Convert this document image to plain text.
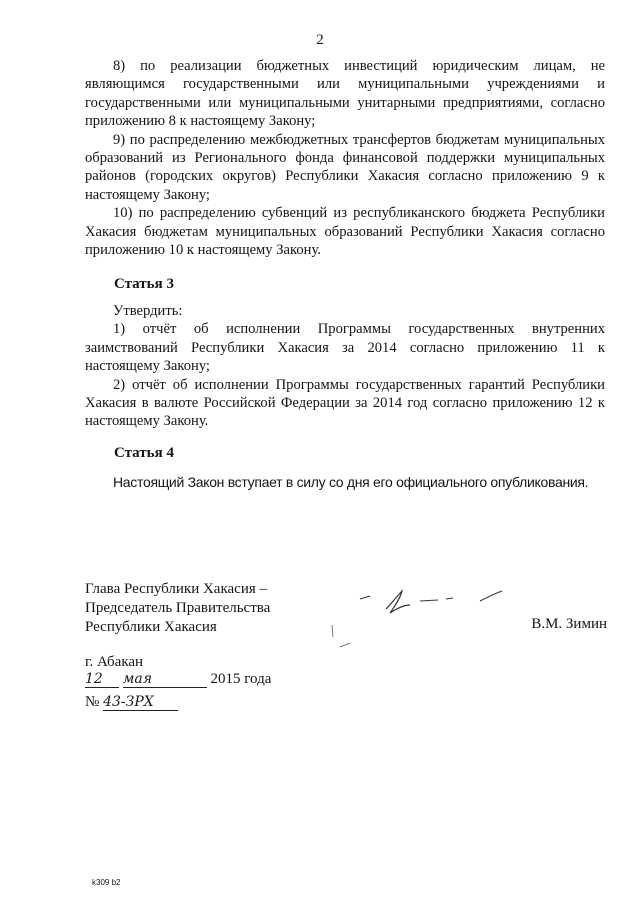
2

8) по реализации бюджетных инвестиций юридическим лицам, не являющимся государственными или муниципальными учреждениями и государственными или муниципальными унитарными предприятиями, согласно приложению 8 к настоящему Закону;

9) по распределению межбюджетных трансфертов бюджетам муниципальных образований из Регионального фонда финансовой поддержки муниципальных районов (городских округов) Республики Хакасия согласно приложению 9 к настоящему Закону;

10) по распределению субвенций из республиканского бюджета Республики Хакасия бюджетам муниципальных образований Республики Хакасия согласно приложению 10 к настоящему Закону.

Статья 3

Утвердить:

1) отчёт об исполнении Программы государственных внутренних заимствований Республики Хакасия за 2014 согласно приложению 11 к настоящему Закону;

2) отчёт об исполнении Программы государственных гарантий Республики Хакасия в валюте Российской Федерации за 2014 год согласно приложению 12 к настоящему Закону.

Статья 4

Настоящий Закон вступает в силу со дня его официального опубликования.

Глава Республики Хакасия –
Председатель Правительства
Республики Хакасия	В.М. Зимин
г. Абакан
12 мая	2015 года
№ 43-ЗРХ
k309 b2
